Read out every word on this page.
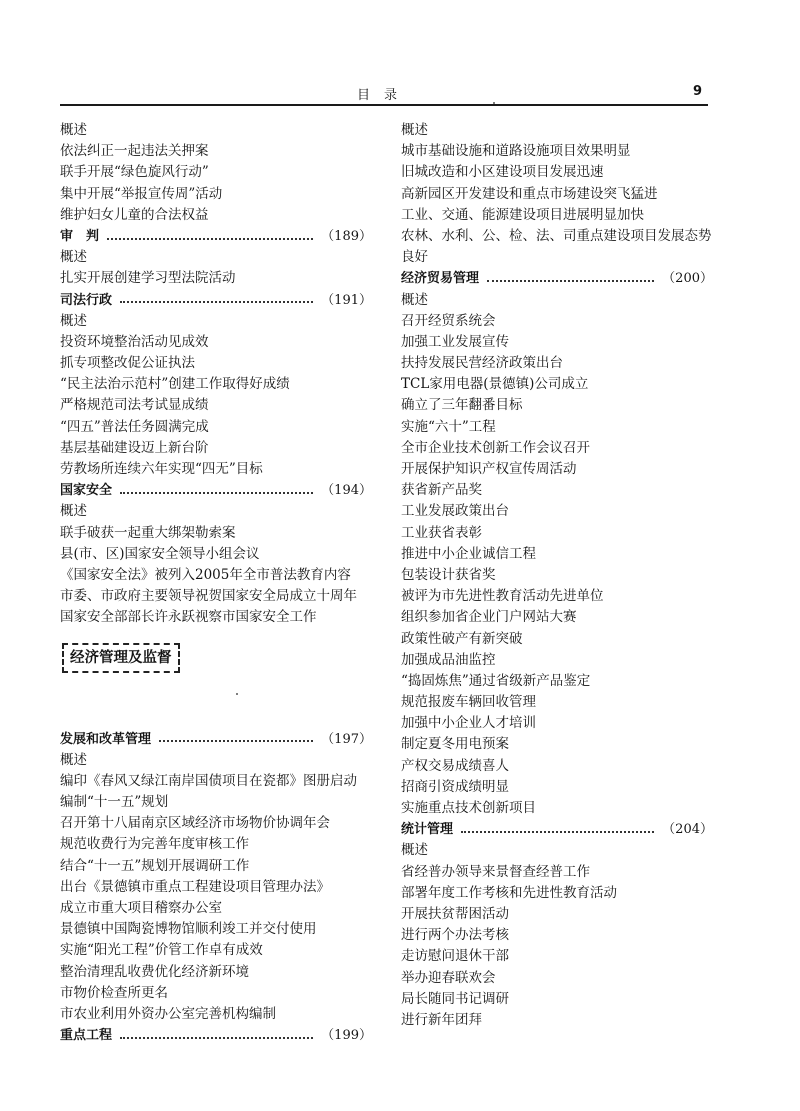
目录	9
概述
依法纠正一起违法关押案
联手开展“绿色旋风行动”
集中开展“举报宣传周”活动
维护妇女儿童的合法权益
审　判	（189）
概述
扎实开展创建学习型法院活动
司法行政	（191）
概述
投资环境整治活动见成效
抓专项整改促公证执法
“民主法治示范村”创建工作取得好成绩
严格规范司法考试显成绩
“四五”普法任务圆满完成
基层基础建设迈上新台阶
劳教场所连续六年实现“四无”目标
国家安全	（194）
概述
联手破获一起重大绑架勒索案
县(市、区)国家安全领导小组会议
《国家安全法》被列入2005年全市普法教育内容
市委、市政府主要领导祝贺国家安全局成立十周年
国家安全部部长许永跃视察市国家安全工作
经济管理及监督
发展和改革管理	（197）
概述
编印《春风又绿江南岸国债项目在瓷都》图册启动
编制“十一五”规划
召开第十八届南京区域经济市场物价协调年会
规范收费行为完善年度审核工作
结合“十一五”规划开展调研工作
出台《景德镇市重点工程建设项目管理办法》
成立市重大项目稽察办公室
景德镇中国陶瓷博物馆顺利竣工并交付使用
实施“阳光工程”价管工作卓有成效
整治清理乱收费优化经济新环境
市物价检查所更名
市农业利用外资办公室完善机构编制
重点工程	（199）
概述
城市基础设施和道路设施项目效果明显
旧城改造和小区建设项目发展迅速
高新园区开发建设和重点市场建设突飞猛进
工业、交通、能源建设项目进展明显加快
农林、水利、公、检、法、司重点建设项目发展态势良好
经济贸易管理	（200）
概述
召开经贸系统会
加强工业发展宣传
扶持发展民营经济政策出台
TCL家用电器(景德镇)公司成立
确立了三年翻番目标
实施“六十”工程
全市企业技术创新工作会议召开
开展保护知识产权宣传周活动
获省新产品奖
工业发展政策出台
工业获省表彰
推进中小企业诚信工程
包装设计获省奖
被评为市先进性教育活动先进单位
组织参加省企业门户网站大赛
政策性破产有新突破
加强成品油监控
“捣固炼焦”通过省级新产品鉴定
规范报废车辆回收管理
加强中小企业人才培训
制定夏冬用电预案
产权交易成绩喜人
招商引资成绩明显
实施重点技术创新项目
统计管理	（204）
概述
省经普办领导来景督查经普工作
部署年度工作考核和先进性教育活动
开展扶贫帮困活动
进行两个办法考核
走访慰问退休干部
举办迎春联欢会
局长随同书记调研
进行新年团拜
